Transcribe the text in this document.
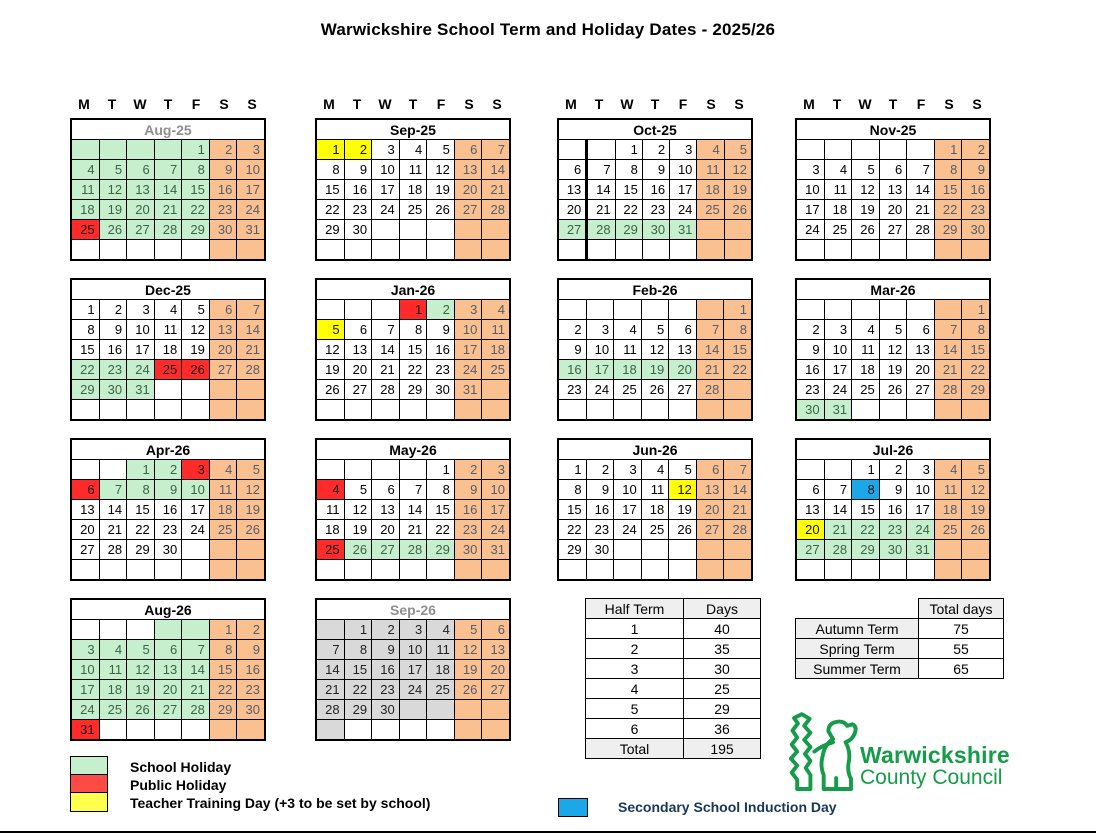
Warwickshire School Term and Holiday Dates - 2025/26
M	T	W	T	F	S	S
Aug-25						
				1	2	3
4	5	6	7	8	9	10
11	12	13	14	15	16	17
18	19	20	21	22	23	24
25	26	27	28	29	30	31

M	T	W	T	F	S	S
Sep-25						
1	2	3	4	5	6	7
8	9	10	11	12	13	14
15	16	17	18	19	20	21
22	23	24	25	26	27	28
29	30					

M	T	W	T	F	S	S
Oct-25						
		1	2	3	4	5
6	7	8	9	10	11	12
13	14	15	16	17	18	19
20	21	22	23	24	25	26
27	28	29	30	31		

M	T	W	T	F	S	S
Nov-25						
					1	2
3	4	5	6	7	8	9
10	11	12	13	14	15	16
17	18	19	20	21	22	23
24	25	26	27	28	29	30

Dec-25						
1	2	3	4	5	6	7
8	9	10	11	12	13	14
15	16	17	18	19	20	21
22	23	24	25	26	27	28
29	30	31				

Jan-26						
			1	2	3	4
5	6	7	8	9	10	11
12	13	14	15	16	17	18
19	20	21	22	23	24	25
26	27	28	29	30	31	

Feb-26						
						1
2	3	4	5	6	7	8
9	10	11	12	13	14	15
16	17	18	19	20	21	22
23	24	25	26	27	28	

Mar-26						
						1
2	3	4	5	6	7	8
9	10	11	12	13	14	15
16	17	18	19	20	21	22
23	24	25	26	27	28	29
30	31					
Apr-26						
		1	2	3	4	5
6	7	8	9	10	11	12
13	14	15	16	17	18	19
20	21	22	23	24	25	26
27	28	29	30			

May-26						
				1	2	3
4	5	6	7	8	9	10
11	12	13	14	15	16	17
18	19	20	21	22	23	24
25	26	27	28	29	30	31

Jun-26						
1	2	3	4	5	6	7
8	9	10	11	12	13	14
15	16	17	18	19	20	21
22	23	24	25	26	27	28
29	30					

Jul-26						
		1	2	3	4	5
6	7	8	9	10	11	12
13	14	15	16	17	18	19
20	21	22	23	24	25	26
27	28	29	30	31		

Aug-26						
					1	2
3	4	5	6	7	8	9
10	11	12	13	14	15	16
17	18	19	20	21	22	23
24	25	26	27	28	29	30
31						
Sep-26						
	1	2	3	4	5	6
7	8	9	10	11	12	13
14	15	16	17	18	19	20
21	22	23	24	25	26	27
28	29	30				

Half Term	Days
1	40
2	35
3	30
4	25
5	29
6	36
Total	195
	Total days
Autumn Term	75
Spring Term	55
Summer Term	65
School Holiday
Public Holiday
Teacher Training Day (+3 to be set by school)	Secondary School Induction Day
Warwickshire
County Council
